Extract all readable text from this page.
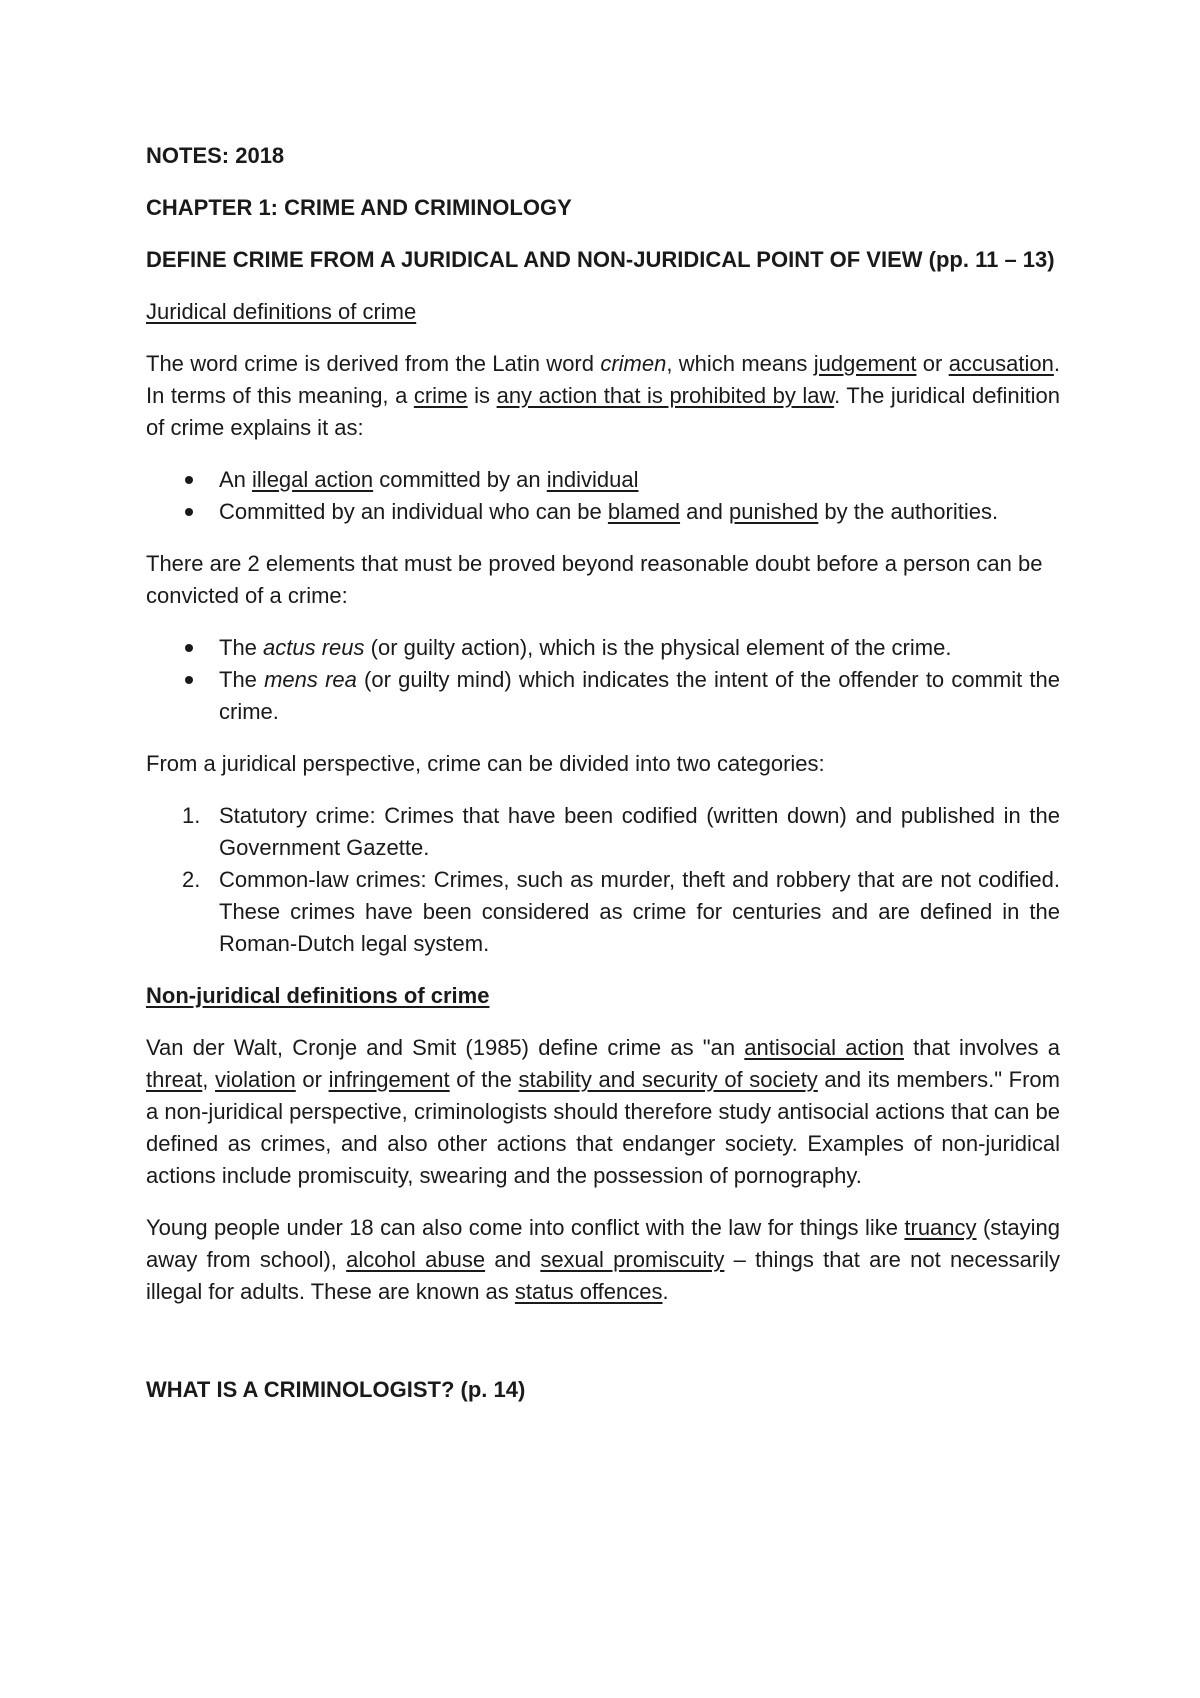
NOTES: 2018

CHAPTER 1: CRIME AND CRIMINOLOGY

DEFINE CRIME FROM A JURIDICAL AND NON-JURIDICAL POINT OF VIEW (pp. 11 – 13)

Juridical definitions of crime

The word crime is derived from the Latin word crimen, which means judgement or accusation. In terms of this meaning, a crime is any action that is prohibited by law. The juridical definition of crime explains it as:

An illegal action committed by an individual
Committed by an individual who can be blamed and punished by the authorities.

There are 2 elements that must be proved beyond reasonable doubt before a person can be convicted of a crime:

The actus reus (or guilty action), which is the physical element of the crime.
The mens rea (or guilty mind) which indicates the intent of the offender to commit the crime.

From a juridical perspective, crime can be divided into two categories:

1. Statutory crime: Crimes that have been codified (written down) and published in the Government Gazette.
2. Common-law crimes: Crimes, such as murder, theft and robbery that are not codified. These crimes have been considered as crime for centuries and are defined in the Roman-Dutch legal system.

Non-juridical definitions of crime

Van der Walt, Cronje and Smit (1985) define crime as "an antisocial action that involves a threat, violation or infringement of the stability and security of society and its members." From a non-juridical perspective, criminologists should therefore study antisocial actions that can be defined as crimes, and also other actions that endanger society. Examples of non-juridical actions include promiscuity, swearing and the possession of pornography.

Young people under 18 can also come into conflict with the law for things like truancy (staying away from school), alcohol abuse and sexual promiscuity – things that are not necessarily illegal for adults. These are known as status offences.

WHAT IS A CRIMINOLOGIST? (p. 14)
